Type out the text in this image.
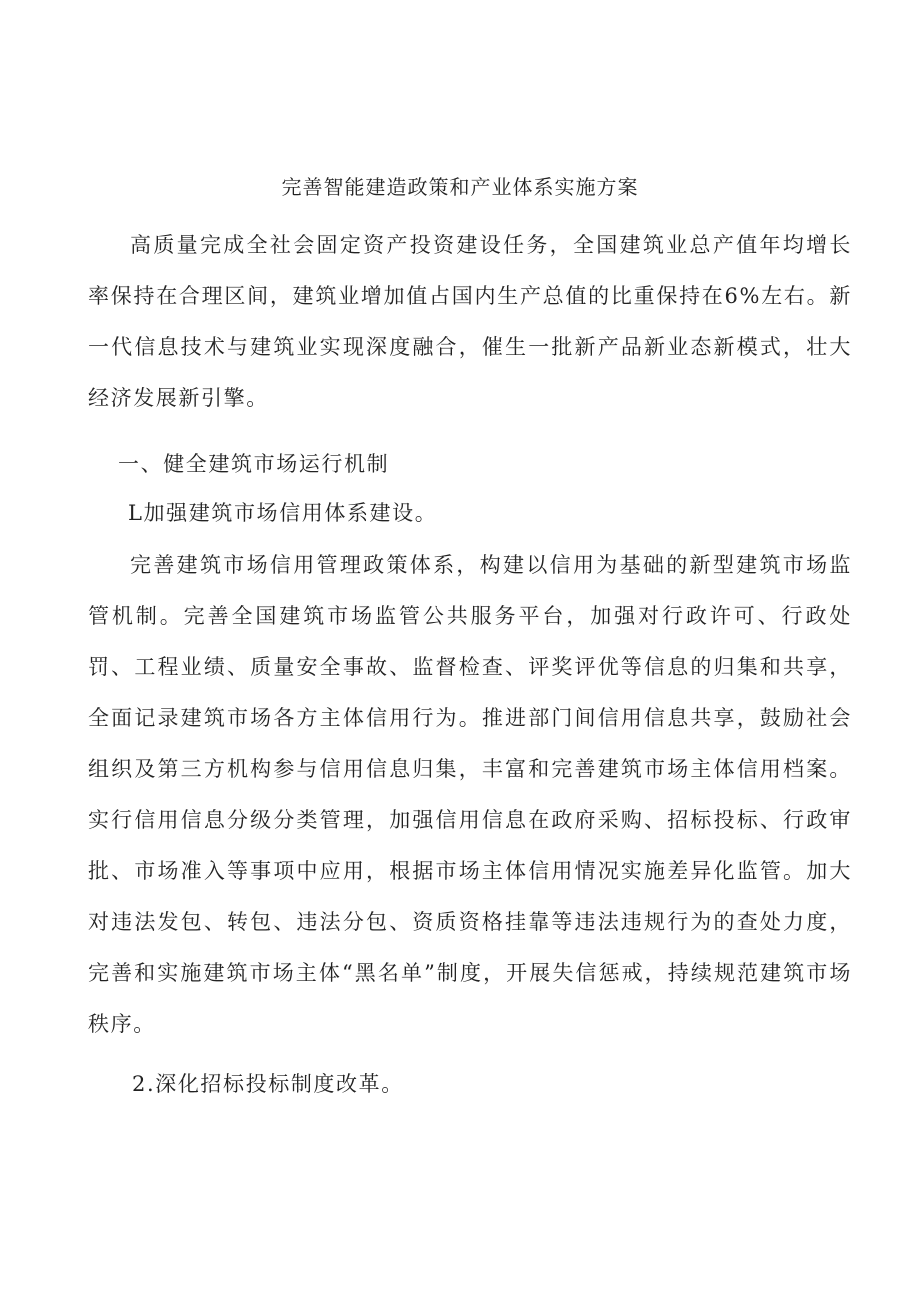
完善智能建造政策和产业体系实施方案

高质量完成全社会固定资产投资建设任务，全国建筑业总产值年均增长率保持在合理区间，建筑业增加值占国内生产总值的比重保持在6%左右。新一代信息技术与建筑业实现深度融合，催生一批新产品新业态新模式，壮大经济发展新引擎。

一、健全建筑市场运行机制

L加强建筑市场信用体系建设。

完善建筑市场信用管理政策体系，构建以信用为基础的新型建筑市场监管机制。完善全国建筑市场监管公共服务平台，加强对行政许可、行政处罚、工程业绩、质量安全事故、监督检查、评奖评优等信息的归集和共享，全面记录建筑市场各方主体信用行为。推进部门间信用信息共享，鼓励社会组织及第三方机构参与信用信息归集，丰富和完善建筑市场主体信用档案。实行信用信息分级分类管理，加强信用信息在政府采购、招标投标、行政审批、市场准入等事项中应用，根据市场主体信用情况实施差异化监管。加大对违法发包、转包、违法分包、资质资格挂靠等违法违规行为的查处力度，完善和实施建筑市场主体“黑名单”制度，开展失信惩戒，持续规范建筑市场秩序。

2.深化招标投标制度改革。
